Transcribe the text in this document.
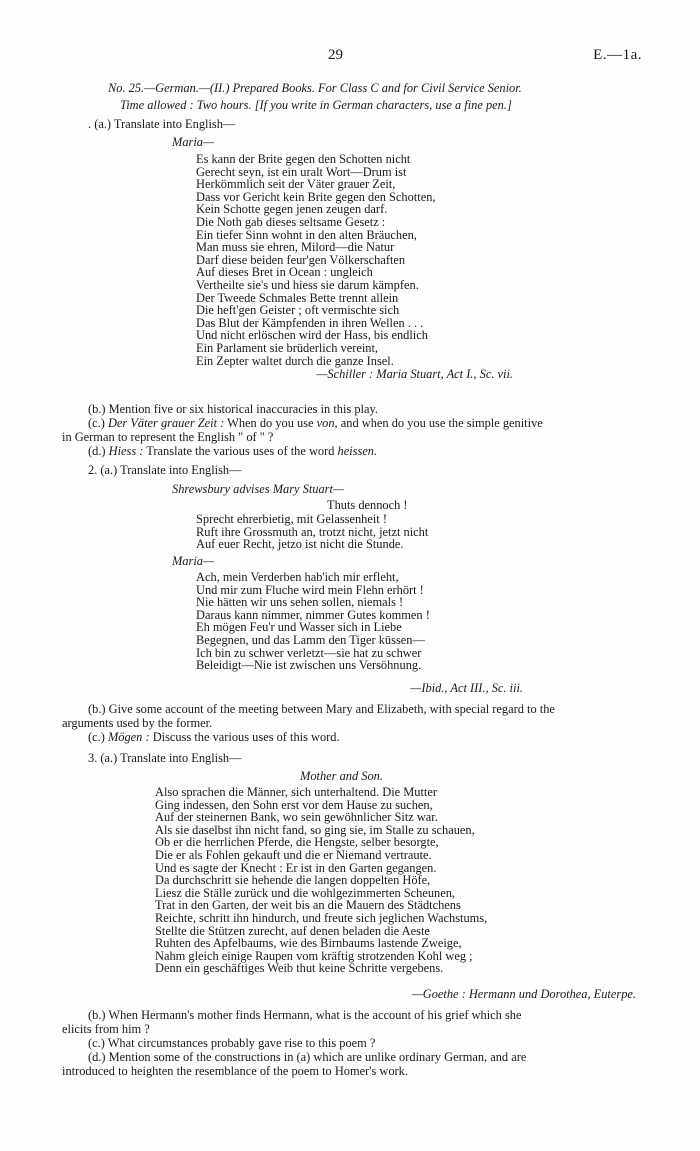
29	E.—1a.
No. 25.—German.—(II.) Prepared Books. For Class C and for Civil Service Senior.
Time allowed : Two hours. [If you write in German characters, use a fine pen.]
. (a.) Translate into English—
Maria—
Es kann der Brite gegen den Schotten nicht
Gerecht seyn, ist ein uralt Wort—Drum ist
Herkömmlich seit der Väter grauer Zeit,
Dass vor Gericht kein Brite gegen den Schotten,
Kein Schotte gegen jenen zeugen darf.
Die Noth gab dieses seltsame Gesetz :
Ein tiefer Sinn wohnt in den alten Bräuchen,
Man muss sie ehren, Milord—die Natur
Darf diese beiden feur'gen Völkerschaften
Auf dieses Bret in Ocean : ungleich
Vertheilte sie's und hiess sie darum kämpfen.
Der Tweede Schmales Bette trennt allein
Die heft'gen Geister ; oft vermischte sich
Das Blut der Kämpfenden in ihren Wellen . . .
Und nicht erlöschen wird der Hass, bis endlich
Ein Parlament sie brüderlich vereint,
Ein Zepter waltet durch die ganze Insel.
—Schiller : Maria Stuart, Act I., Sc. vii.
(b.) Mention five or six historical inaccuracies in this play.
(c.) Der Väter grauer Zeit : When do you use von, and when do you use the simple genitive
in German to represent the English " of " ?
(d.) Hiess : Translate the various uses of the word heissen.
2. (a.) Translate into English—
Shrewsbury advises Mary Stuart—
Thuts dennoch !
Sprecht ehrerbietig, mit Gelassenheit !
Ruft ihre Grossmuth an, trotzt nicht, jetzt nicht
Auf euer Recht, jetzo ist nicht die Stunde.
Maria—
Ach, mein Verderben hab'ich mir erfleht,
Und mir zum Fluche wird mein Flehn erhört !
Nie hätten wir uns sehen sollen, niemals !
Daraus kann nimmer, nimmer Gutes kommen !
Eh mögen Feu'r und Wasser sich in Liebe
Begegnen, und das Lamm den Tiger küssen—
Ich bin zu schwer verletzt—sie hat zu schwer
Beleidigt—Nie ist zwischen uns Versöhnung.
—Ibid., Act III., Sc. iii.
(b.) Give some account of the meeting between Mary and Elizabeth, with special regard to the
arguments used by the former.
(c.) Mögen : Discuss the various uses of this word.
3. (a.) Translate into English—
Mother and Son.
Also sprachen die Männer, sich unterhaltend. Die Mutter
Ging indessen, den Sohn erst vor dem Hause zu suchen,
Auf der steinernen Bank, wo sein gewöhnlicher Sitz war.
Als sie daselbst ihn nicht fand, so ging sie, im Stalle zu schauen,
Ob er die herrlichen Pferde, die Hengste, selber besorgte,
Die er als Fohlen gekauft und die er Niemand vertraute.
Und es sagte der Knecht : Er ist in den Garten gegangen.
Da durchschritt sie hehende die langen doppelten Höfe,
Liesz die Ställe zurück und die wohlgezimmerten Scheunen,
Trat in den Garten, der weit bis an die Mauern des Städtchens
Reichte, schritt ihn hindurch, und freute sich jeglichen Wachstums,
Stellte die Stützen zurecht, auf denen beladen die Aeste
Ruhten des Apfelbaums, wie des Birnbaums lastende Zweige,
Nahm gleich einige Raupen vom kräftig strotzenden Kohl weg ;
Denn ein geschäftiges Weib thut keine Schritte vergebens.
—Goethe : Hermann und Dorothea, Euterpe.
(b.) When Hermann's mother finds Hermann, what is the account of his grief which she
elicits from him ?
(c.) What circumstances probably gave rise to this poem ?
(d.) Mention some of the constructions in (a) which are unlike ordinary German, and are
introduced to heighten the resemblance of the poem to Homer's work.
